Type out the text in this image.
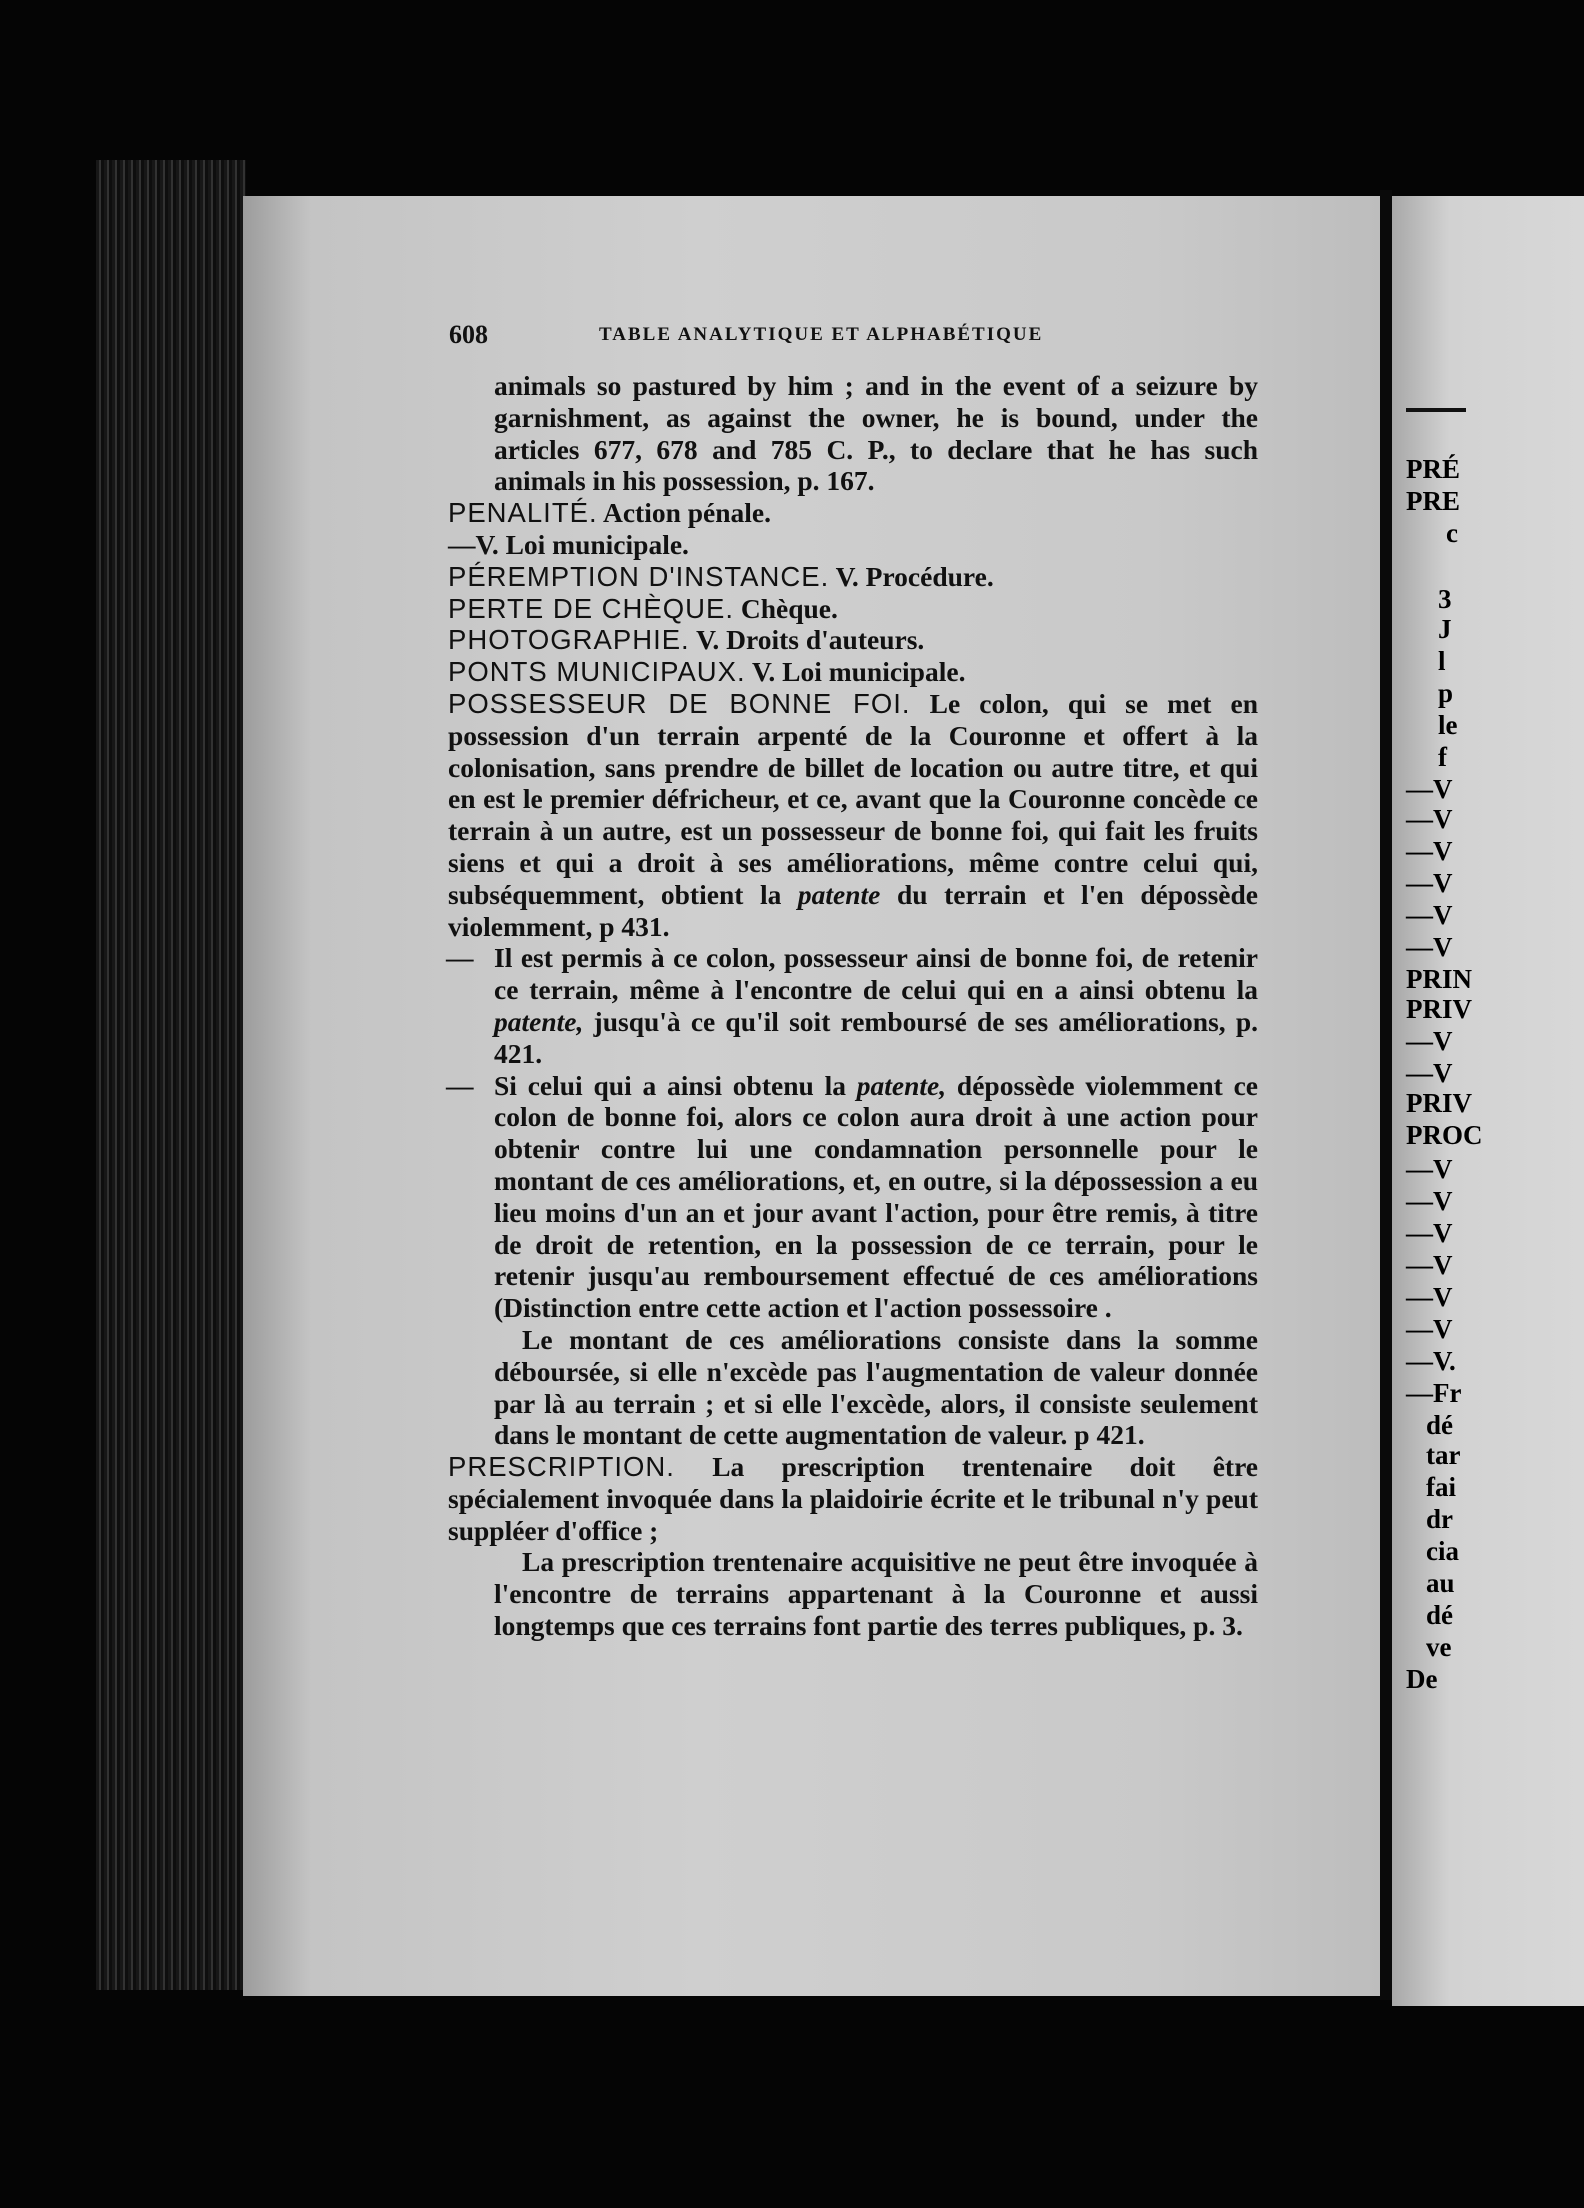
608	TABLE ANALYTIQUE ET ALPHABÉTIQUE
animals so pastured by him ; and in the event of a seizure by garnishment, as against the owner, he is bound, under the articles 677, 678 and 785 C. P., to declare that he has such animals in his possession, p. 167.
PENALITÉ. Action pénale.
—V. Loi municipale.
PÉREMPTION D'INSTANCE. V. Procédure.
PERTE DE CHÈQUE. Chèque.
PHOTOGRAPHIE. V. Droits d'auteurs.
PONTS MUNICIPAUX. V. Loi municipale.
POSSESSEUR DE BONNE FOI. Le colon, qui se met en possession d'un terrain arpenté de la Couronne et offert à la colonisation, sans prendre de billet de location ou autre titre, et qui en est le premier défricheur, et ce, avant que la Couronne concède ce terrain à un autre, est un possesseur de bonne foi, qui fait les fruits siens et qui a droit à ses améliorations, même contre celui qui, subséquemment, obtient la patente du terrain et l'en dépossède violemment, p 431.
— Il est permis à ce colon, possesseur ainsi de bonne foi, de retenir ce terrain, même à l'encontre de celui qui en a ainsi obtenu la patente, jusqu'à ce qu'il soit remboursé de ses améliorations, p. 421.
— Si celui qui a ainsi obtenu la patente, dépossède violemment ce colon de bonne foi, alors ce colon aura droit à une action pour obtenir contre lui une condamnation personnelle pour le montant de ces améliorations, et, en outre, si la dépossession a eu lieu moins d'un an et jour avant l'action, pour être remis, à titre de droit de retention, en la possession de ce terrain, pour le retenir jusqu'au remboursement effectué de ces améliorations (Distinction entre cette action et l'action possessoire .
Le montant de ces améliorations consiste dans la somme déboursée, si elle n'excède pas l'augmentation de valeur donnée par là au terrain ; et si elle l'excède, alors, il consiste seulement dans le montant de cette augmentation de valeur. p 421.
PRESCRIPTION. La prescription trentenaire doit être spécialement invoquée dans la plaidoirie écrite et le tribunal n'y peut suppléer d'office ;
La prescription trentenaire acquisitive ne peut être invoquée à l'encontre de terrains appartenant à la Couronne et aussi longtemps que ces terrains font partie des terres publiques, p. 3.
PRÉ
PRE
c
3
J
l
p
le
f
—V
—V
—V
—V
—V
—V
PRIN
PRIV
—V
—V
PRIV
PROC
—V
—V
—V
—V
—V
—V
—V.
—Fr
dé
tar
fai
dr
cia
au
dé
ve
De
